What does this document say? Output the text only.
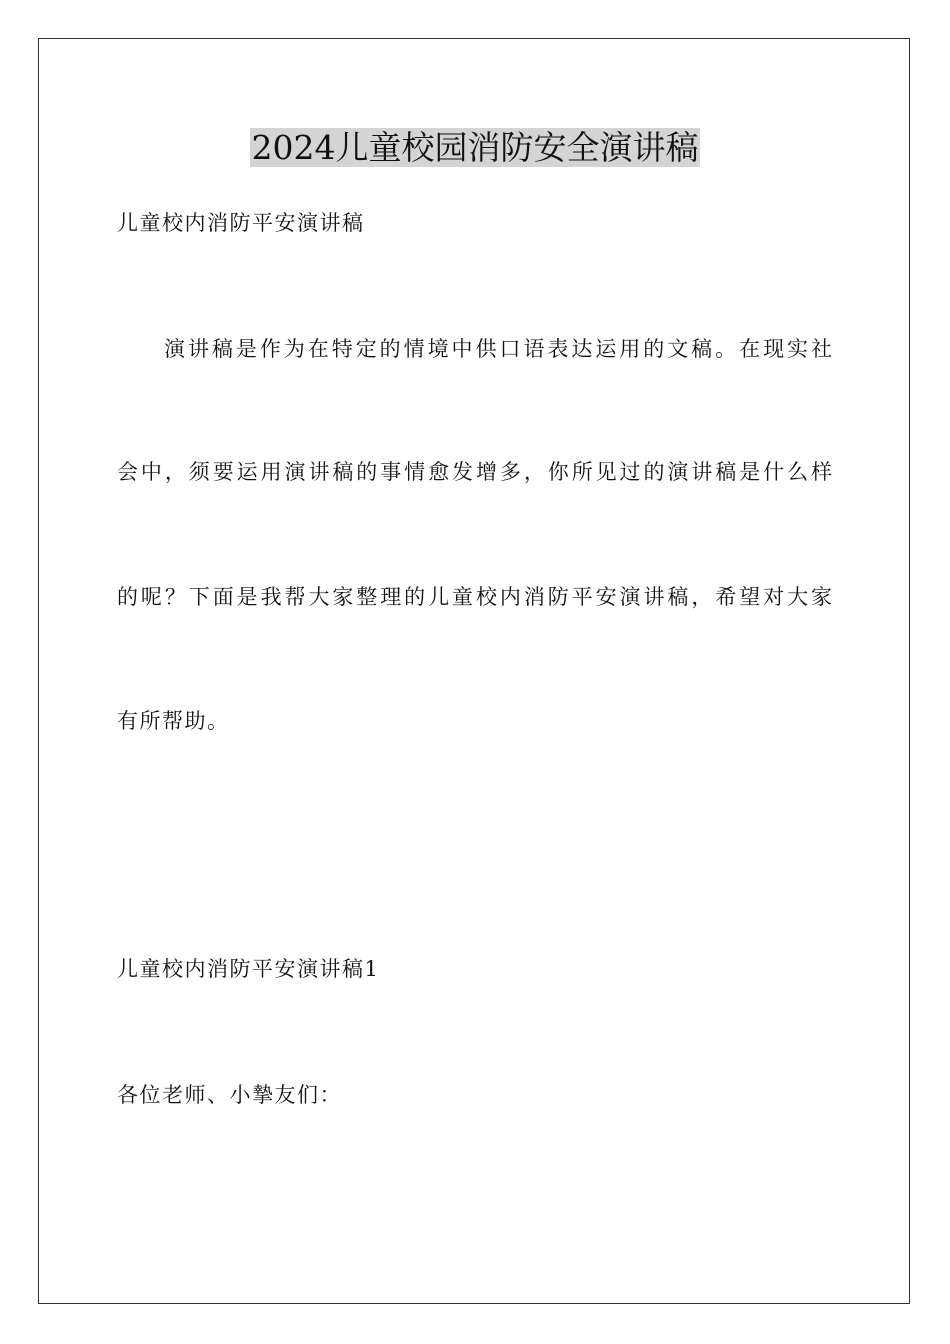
2024儿童校园消防安全演讲稿
儿童校内消防平安演讲稿
演讲稿是作为在特定的情境中供口语表达运用的文稿。在现实社
会中，须要运用演讲稿的事情愈发增多，你所见过的演讲稿是什么样
的呢？下面是我帮大家整理的儿童校内消防平安演讲稿，希望对大家
有所帮助。
儿童校内消防平安演讲稿1
各位老师、小摯友们：
